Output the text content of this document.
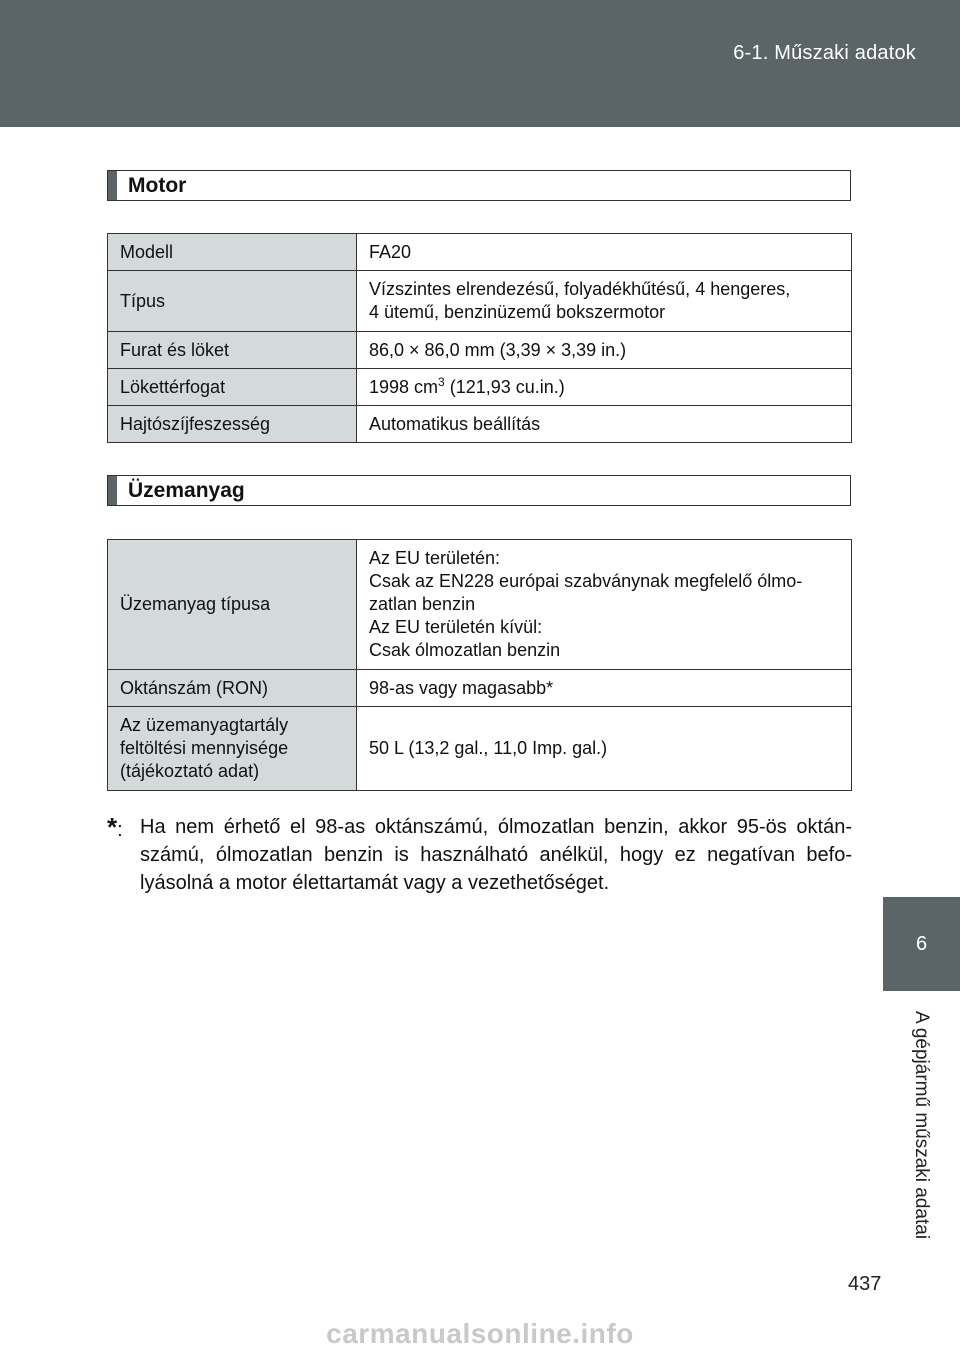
6-1. Műszaki adatok
Motor
Modell	FA20
Típus	Vízszintes elrendezésű, folyadékhűtésű, 4 hengeres,
4 ütemű, benzinüzemű bokszermotor

Furat és löket	86,0 × 86,0 mm (3,39 × 3,39 in.)
Lökettérfogat	1998 $cm^3$ (121,93 cu.in.)
Hajtószíjfeszesség	Automatikus beállítás
Üzemanyag
Üzemanyag típusa	Az EU területén:
Csak az EN228 európai szabványnak megfelelő ólmo-
zatlan benzin
Az EU területén kívül:
Csak ólmozatlan benzin

Oktánszám (RON)	98-as vagy magasabb*

Az üzemanyagtartály
feltöltési mennyisége
(tájékoztató adat)	50 L (13,2 gal., 11,0 Imp. gal.)
*: Ha nem érhető el 98-as oktánszámú, ólmozatlan benzin, akkor 95-ös oktán-számú, ólmozatlan benzin is használható anélkül, hogy ez negatívan befo-lyásolná a motor élettartamát vagy a vezethetőséget.
6
A gépjármű műszaki adatai
437
carmanualsonline.info
